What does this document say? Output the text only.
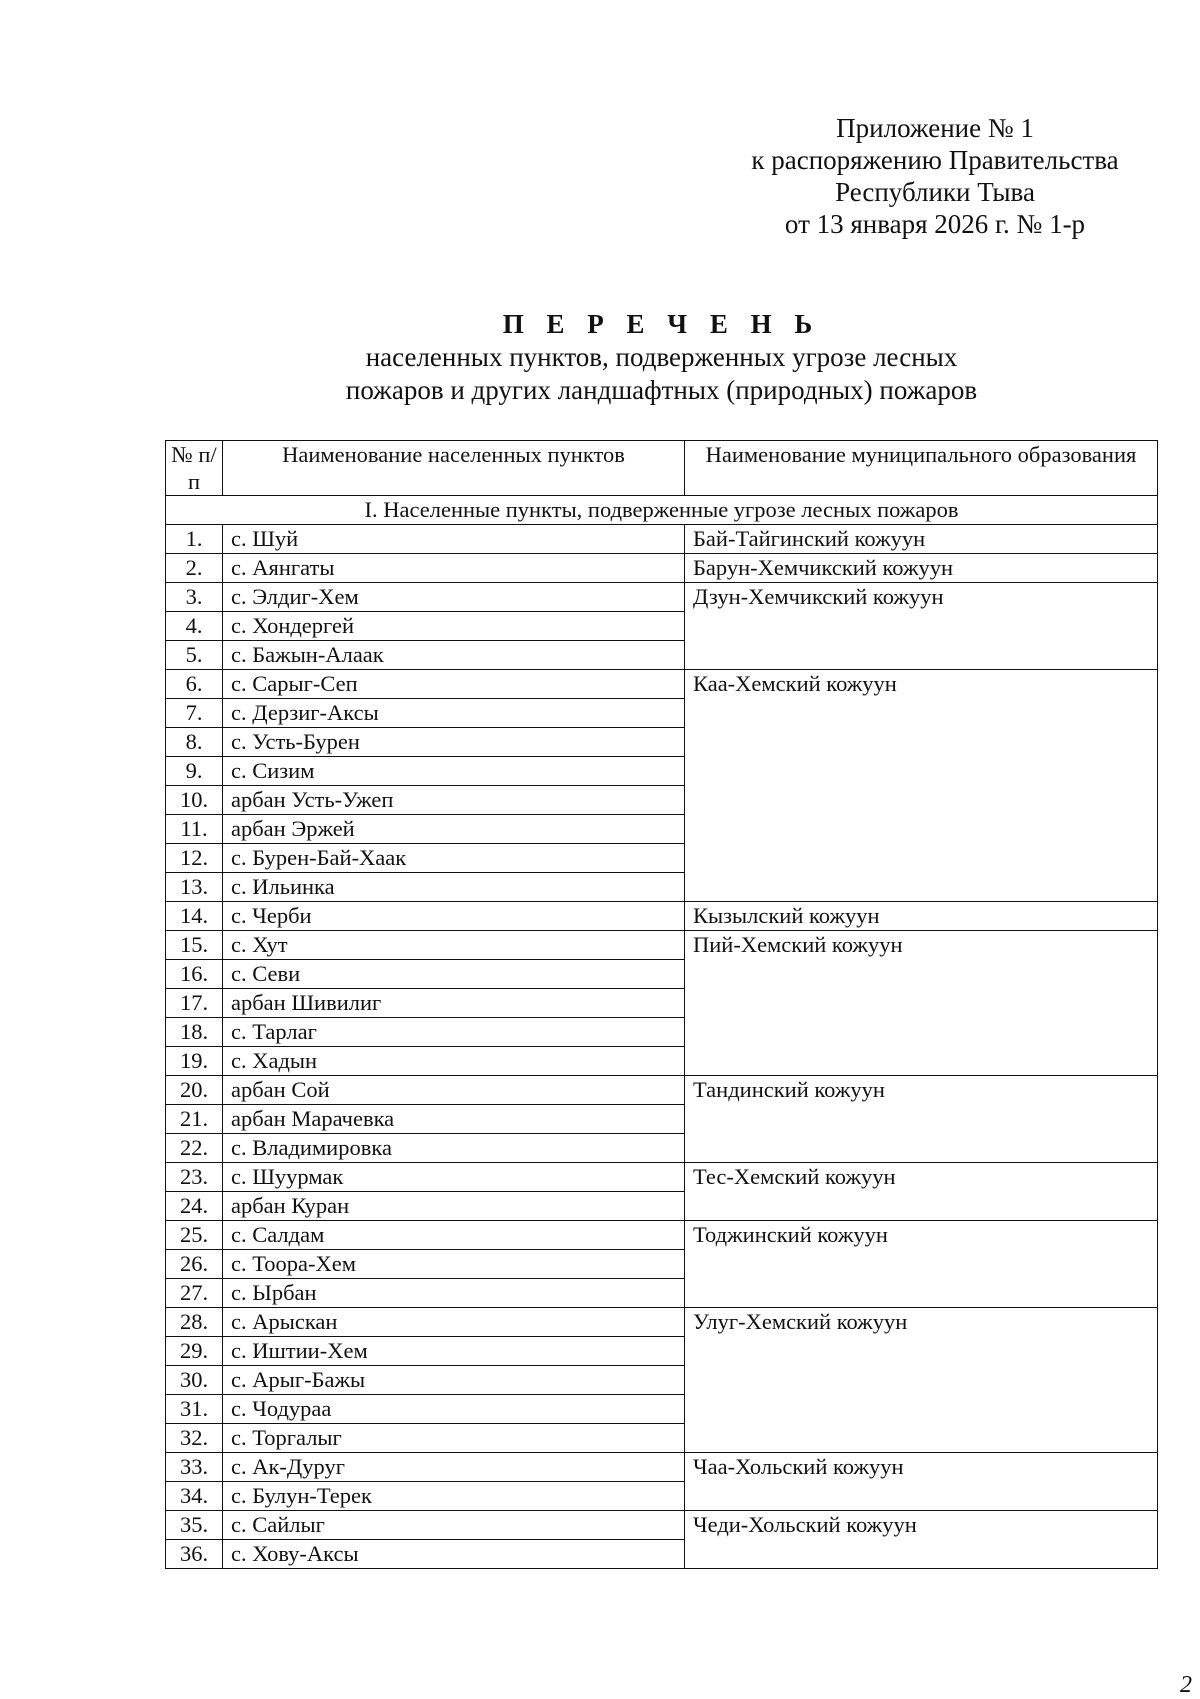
Приложение № 1
к распоряжению Правительства
Республики Тыва
от 13 января 2026 г. № 1-р
П Е Р Е Ч Е Н Ь
населенных пунктов, подверженных угрозе лесных
пожаров и других ландшафтных (природных) пожаров
№ п/п	Наименование населенных пунктов	Наименование муниципального образования
I. Населенные пункты, подверженные угрозе лесных пожаров		
1.	с. Шуй	Бай-Тайгинский кожуун
2.	с. Аянгаты	Барун-Хемчикский кожуун
3.	с. Элдиг-Хем	Дзун-Хемчикский кожуун
4.	с. Хондергей	
5.	с. Бажын-Алаак	
6.	с. Сарыг-Сеп	Каа-Хемский кожуун
7.	с. Дерзиг-Аксы	
8.	с. Усть-Бурен	
9.	с. Сизим	
10.	арбан Усть-Ужеп	
11.	арбан Эржей	
12.	с. Бурен-Бай-Хаак	
13.	с. Ильинка	
14.	с. Черби	Кызылский кожуун
15.	с. Хут	Пий-Хемский кожуун
16.	с. Севи	
17.	арбан Шивилиг	
18.	с. Тарлаг	
19.	с. Хадын	
20.	арбан Сой	Тандинский кожуун
21.	арбан Марачевка	
22.	с. Владимировка	
23.	с. Шуурмак	Тес-Хемский кожуун
24.	арбан Куран	
25.	с. Салдам	Тоджинский кожуун
26.	с. Тоора-Хем	
27.	с. Ырбан	
28.	с. Арыскан	Улуг-Хемский кожуун
29.	с. Иштии-Хем	
30.	с. Арыг-Бажы	
31.	с. Чодураа	
32.	с. Торгалыг	
33.	с. Ак-Дуруг	Чаа-Хольский кожуун
34.	с. Булун-Терек	
35.	с. Сайлыг	Чеди-Хольский кожуун
36.	с. Хову-Аксы	
2
